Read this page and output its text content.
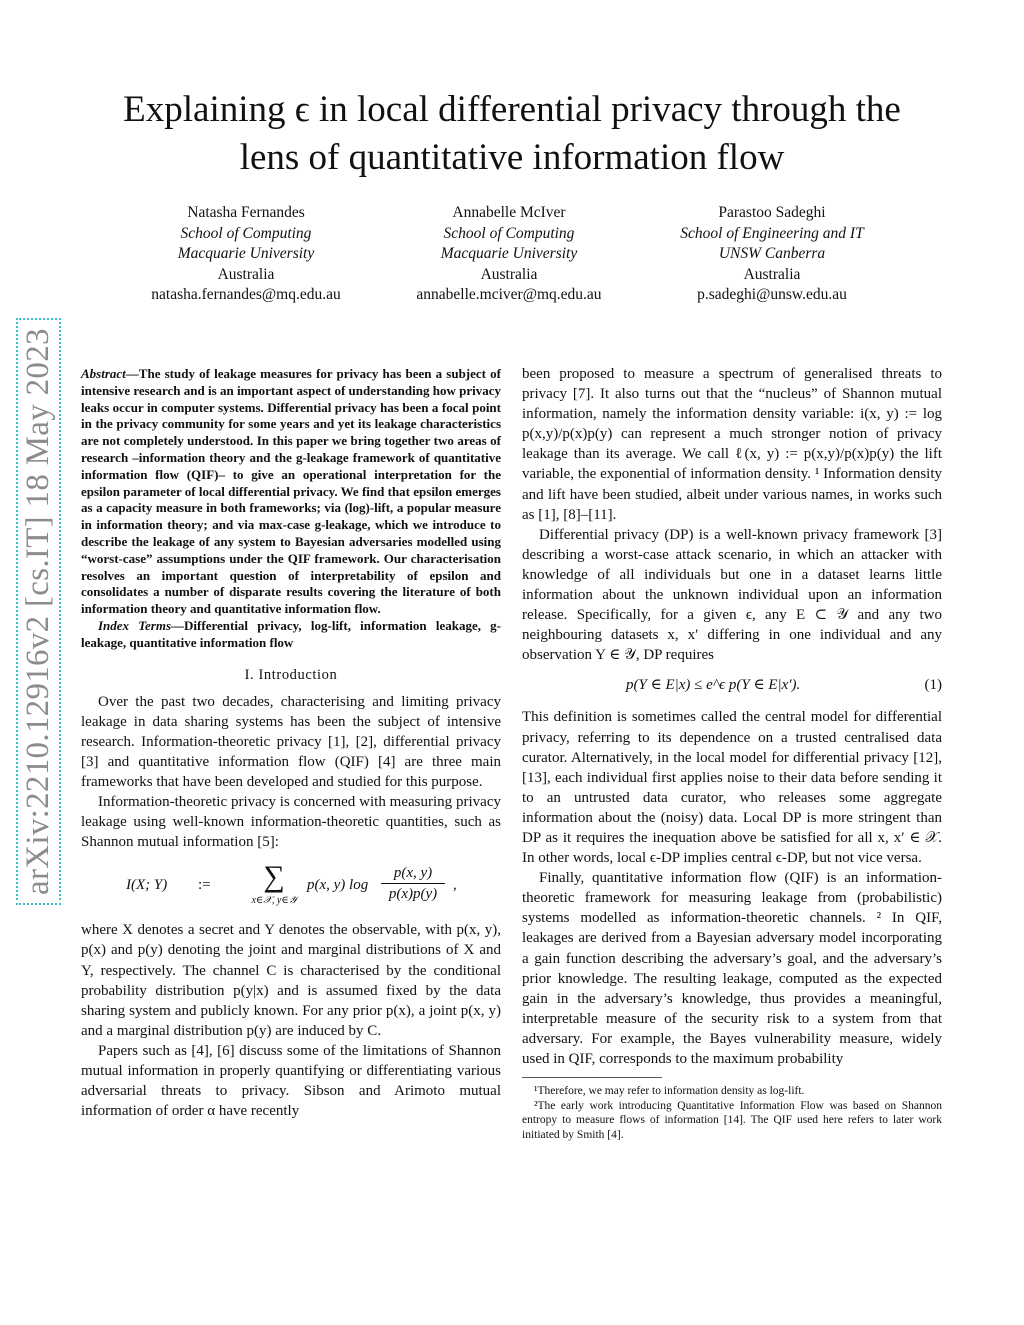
arXiv:2210.12916v2 [cs.IT] 18 May 2023
Explaining ϵ in local differential privacy through the lens of quantitative information flow
Natasha Fernandes
School of Computing
Macquarie University
Australia
natasha.fernandes@mq.edu.au
Annabelle McIver
School of Computing
Macquarie University
Australia
annabelle.mciver@mq.edu.au
Parastoo Sadeghi
School of Engineering and IT
UNSW Canberra
Australia
p.sadeghi@unsw.edu.au

Abstract—The study of leakage measures for privacy has been a subject of intensive research and is an important aspect of understanding how privacy leaks occur in computer systems. Differential privacy has been a focal point in the privacy community for some years and yet its leakage characteristics are not completely understood. In this paper we bring together two areas of research –information theory and the g-leakage framework of quantitative information flow (QIF)– to give an operational interpretation for the epsilon parameter of local differential privacy. We find that epsilon emerges as a capacity measure in both frameworks; via (log)-lift, a popular measure in information theory; and via max-case g-leakage, which we introduce to describe the leakage of any system to Bayesian adversaries modelled using “worst-case” assumptions under the QIF framework. Our characterisation resolves an important question of interpretability of epsilon and consolidates a number of disparate results covering the literature of both information theory and quantitative information flow.

Index Terms—Differential privacy, log-lift, information leakage, g-leakage, quantitative information flow

I. Introduction

Over the past two decades, characterising and limiting privacy leakage in data sharing systems has been the subject of intensive research. Information-theoretic privacy [1], [2], differential privacy [3] and quantitative information flow (QIF) [4] are three main frameworks that have been developed and studied for this purpose.

Information-theoretic privacy is concerned with measuring privacy leakage using well-known information-theoretic quantities, such as Shannon mutual information [5]:

I(X; Y) :=	∑
x∈𝒳, y∈𝒴
p(x, y) $\log \frac{p(x, y)}{p(x)p(y)}$ ,

where X denotes a secret and Y denotes the observable, with p(x, y), p(x) and p(y) denoting the joint and marginal distributions of X and Y, respectively. The channel C is characterised by the conditional probability distribution p(y|x) and is assumed fixed by the data sharing system and publicly known. For any prior p(x), a joint p(x, y) and a marginal distribution p(y) are induced by C.

Papers such as [4], [6] discuss some of the limitations of Shannon mutual information in properly quantifying or differentiating various adversarial threats to privacy. Sibson and Arimoto mutual information of order α have recently

been proposed to measure a spectrum of generalised threats to privacy [7]. It also turns out that the “nucleus” of Shannon mutual information, namely the information density variable: i(x, y) := log p(x,y)/p(x)p(y) can represent a much stronger notion of privacy leakage than its average. We call ℓ(x, y) := p(x,y)/p(x)p(y) the lift variable, the exponential of information density. ¹ Information density and lift have been studied, albeit under various names, in works such as [1], [8]–[11].

Differential privacy (DP) is a well-known privacy framework [3] describing a worst-case attack scenario, in which an attacker with knowledge of all individuals but one in a dataset learns little information about the unknown individual upon an information release. Specifically, for a given ϵ, any E ⊂ 𝒴 and any two neighbouring datasets x, x′ differing in one individual and any observation Y ∈ 𝒴, DP requires

p(Y ∈ E|x) ≤ e^ϵ p(Y ∈ E|x′).	(1)

This definition is sometimes called the central model for differential privacy, referring to its dependence on a trusted centralised data curator. Alternatively, in the local model for differential privacy [12], [13], each individual first applies noise to their data before sending it to an untrusted data curator, who releases some aggregate information about the (noisy) data. Local DP is more stringent than DP as it requires the inequation above be satisfied for all x, x′ ∈ 𝒳. In other words, local ϵ-DP implies central ϵ-DP, but not vice versa.

Finally, quantitative information flow (QIF) is an information-theoretic framework for measuring leakage from (probabilistic) systems modelled as information-theoretic channels. ² In QIF, leakages are derived from a Bayesian adversary model incorporating a gain function describing the adversary’s goal, and the adversary’s prior knowledge. The resulting leakage, computed as the expected gain in the adversary’s knowledge, thus provides a meaningful, interpretable measure of the security risk to a system from that adversary. For example, the Bayes vulnerability measure, widely used in QIF, corresponds to the maximum probability

¹Therefore, we may refer to information density as log-lift.

²The early work introducing Quantitative Information Flow was based on Shannon entropy to measure flows of information [14]. The QIF used here refers to later work initiated by Smith [4].
